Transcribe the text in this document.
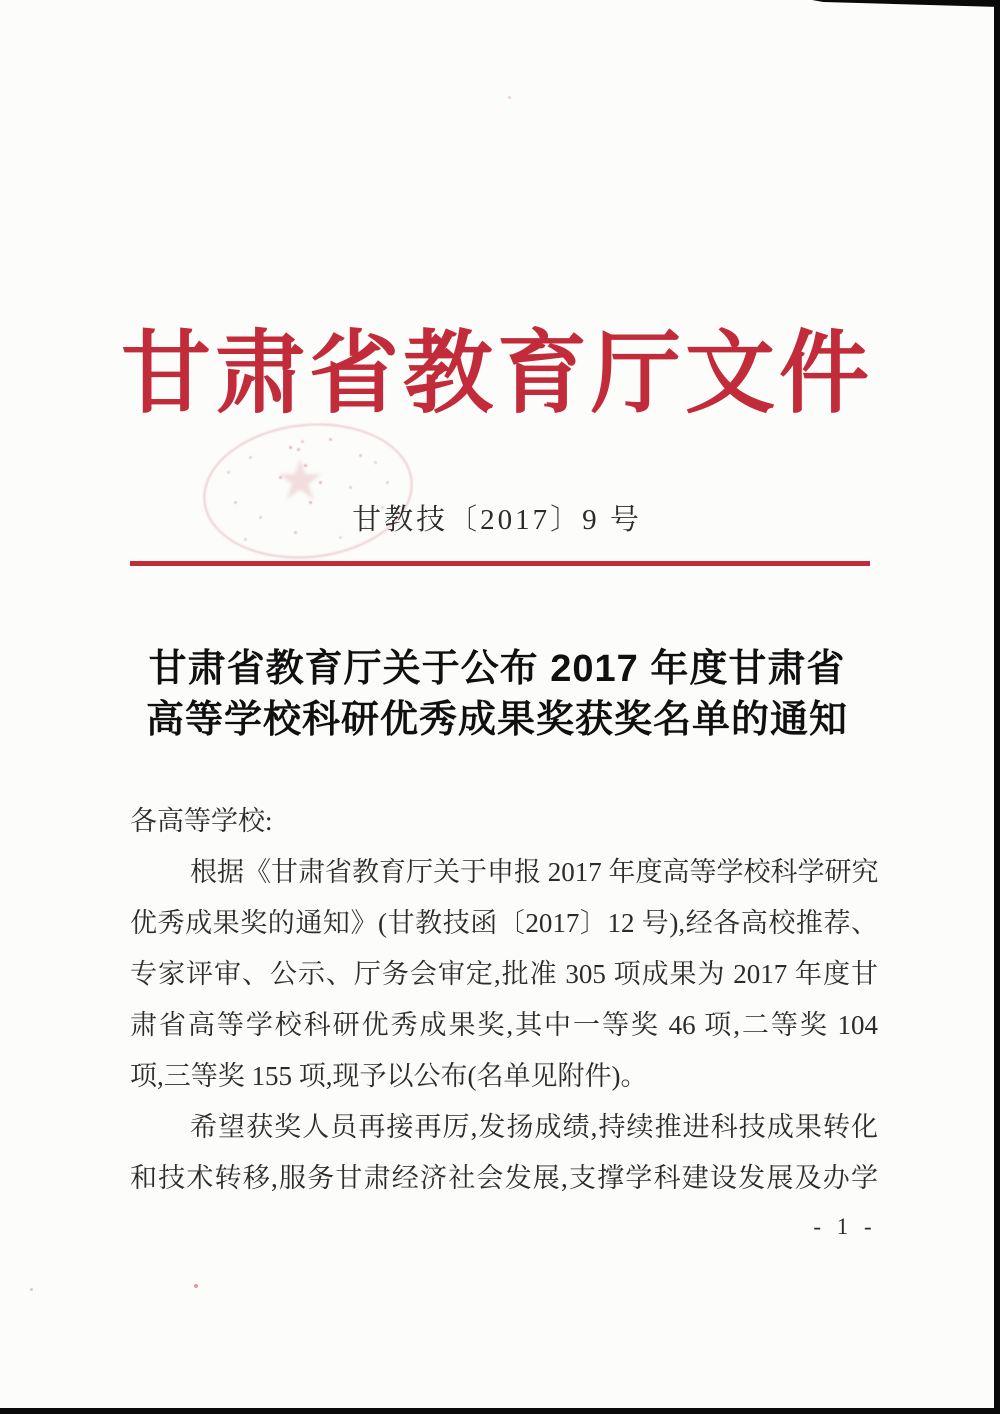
★
甘肃省教育厅文件
甘教技〔2017〕9 号
甘肃省教育厅关于公布 2017 年度甘肃省
高等学校科研优秀成果奖获奖名单的通知
各高等学校:
根据《甘肃省教育厅关于申报 2017 年度高等学校科学研究
优秀成果奖的通知》(甘教技函〔2017〕12 号),经各高校推荐、
专家评审、公示、厅务会审定,批准 305 项成果为 2017 年度甘
肃省高等学校科研优秀成果奖,其中一等奖 46 项,二等奖 104
项,三等奖 155 项,现予以公布(名单见附件)。
希望获奖人员再接再厉,发扬成绩,持续推进科技成果转化
和技术转移,服务甘肃经济社会发展,支撑学科建设发展及办学
- 1 -
